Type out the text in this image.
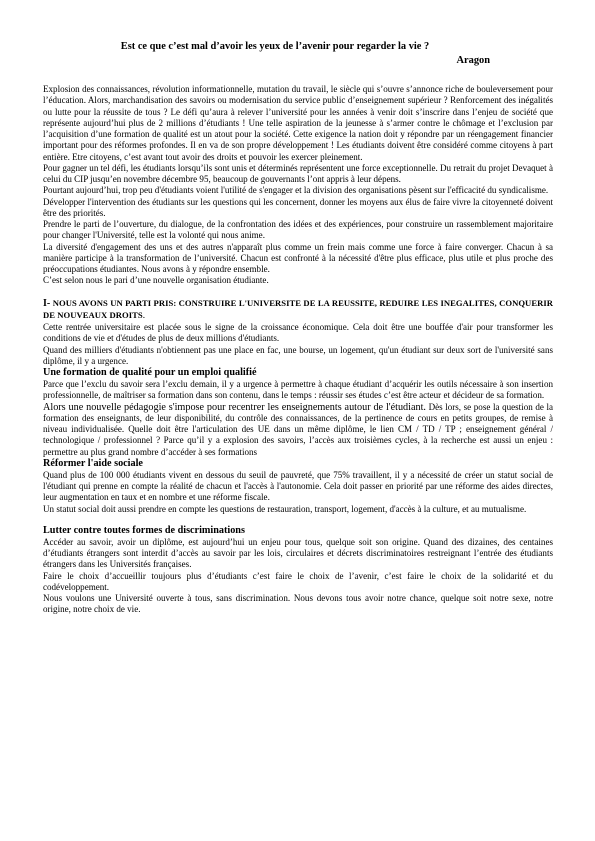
Est ce que c’est mal d’avoir les yeux de l’avenir pour regarder la vie ?
Aragon

Explosion des connaissances, révolution informationnelle, mutation du travail, le siècle qui s’ouvre s’annonce riche de bouleversement pour l’éducation. Alors, marchandisation des savoirs ou modernisation du service public d’enseignement supérieur ? Renforcement des inégalités ou lutte pour la réussite de tous ? Le défi qu’aura à relever l’université pour les années à venir doit s’inscrire dans l’enjeu de société que représente aujourd’hui plus de 2 millions d’étudiants ! Une telle aspiration de la jeunesse à s’armer contre le chômage et l’exclusion par l’acquisition d’une formation de qualité est un atout pour la société. Cette exigence la nation doit y répondre par un réengagement financier important pour des réformes profondes. Il en va de son propre développement ! Les étudiants doivent être considéré comme citoyens à part entière. Etre citoyens, c’est avant tout avoir des droits et pouvoir les exercer pleinement.

Pour gagner un tel défi, les étudiants lorsqu’ils sont unis et déterminés représentent une force exceptionnelle. Du retrait du projet Devaquet à celui du CIP jusqu’en novembre décembre 95, beaucoup de gouvernants l’ont appris à leur dépens.

Pourtant aujourd’hui, trop peu d'étudiants voient l'utilité de s'engager et la division des organisations pèsent sur l'efficacité du syndicalisme.

Développer l'intervention des étudiants sur les questions qui les concernent, donner les moyens aux élus de faire vivre la citoyenneté doivent être des priorités.

Prendre le parti de l’ouverture, du dialogue, de la confrontation des idées et des expériences, pour construire un rassemblement majoritaire pour changer l'Université, telle est la volonté qui nous anime.

La diversité d'engagement des uns et des autres n'apparaît plus comme un frein mais comme une force à faire converger. Chacun à sa manière participe à la transformation de l’université. Chacun est confronté à la nécessité d'être plus efficace, plus utile et plus proche des préoccupations étudiantes. Nous avons à y répondre ensemble.

C’est selon nous le pari d’une nouvelle organisation étudiante.

I- NOUS AVONS UN PARTI PRIS: CONSTRUIRE L'UNIVERSITE DE LA REUSSITE, REDUIRE LES INEGALITES, CONQUERIR DE NOUVEAUX DROITS.

Cette rentrée universitaire est placée sous le signe de la croissance économique. Cela doit être une bouffée d'air pour transformer les conditions de vie et d'études de plus de deux millions d'étudiants.

Quand des milliers d'étudiants n'obtiennent pas une place en fac, une bourse, un logement, qu'un étudiant sur deux sort de l'université sans diplôme, il y a urgence.

Une formation de qualité pour un emploi qualifié

Parce que l’exclu du savoir sera l’exclu demain, il y a urgence à permettre à chaque étudiant d’acquérir les outils nécessaire à son insertion professionnelle, de maîtriser sa formation dans son contenu, dans le temps : réussir ses études c’est être acteur et décideur de sa formation.

Alors une nouvelle pédagogie s'impose pour recentrer les enseignements autour de l'étudiant. Dès lors, se pose la question de la formation des enseignants, de leur disponibilité, du contrôle des connaissances, de la pertinence de cours en petits groupes, de remise à niveau individualisée. Quelle doit être l'articulation des UE dans un même diplôme, le lien CM / TD / TP ; enseignement général / technologique / professionnel ? Parce qu’il y a explosion des savoirs, l’accès aux troisièmes cycles, à la recherche est aussi un enjeu : permettre au plus grand nombre d’accéder à ses formations

Réformer l'aide sociale

Quand plus de 100 000 étudiants vivent en dessous du seuil de pauvreté, que 75% travaillent, il y a nécessité de créer un statut social de l'étudiant qui prenne en compte la réalité de chacun et l'accès à l'autonomie. Cela doit passer en priorité par une réforme des aides directes, leur augmentation en taux et en nombre et une réforme fiscale.

Un statut social doit aussi prendre en compte les questions de restauration, transport, logement, d'accès à la culture, et au mutualisme.

Lutter contre toutes formes de discriminations

Accéder au savoir, avoir un diplôme, est aujourd’hui un enjeu pour tous, quelque soit son origine. Quand des dizaines, des centaines d’étudiants étrangers sont interdit d’accès au savoir par les lois, circulaires et décrets discriminatoires restreignant l’entrée des étudiants étrangers dans les Universités françaises.

Faire le choix d’accueillir toujours plus d’étudiants c’est faire le choix de l’avenir, c’est faire le choix de la solidarité et du codéveloppement.

Nous voulons une Université ouverte à tous, sans discrimination. Nous devons tous avoir notre chance, quelque soit notre sexe, notre origine, notre choix de vie.
